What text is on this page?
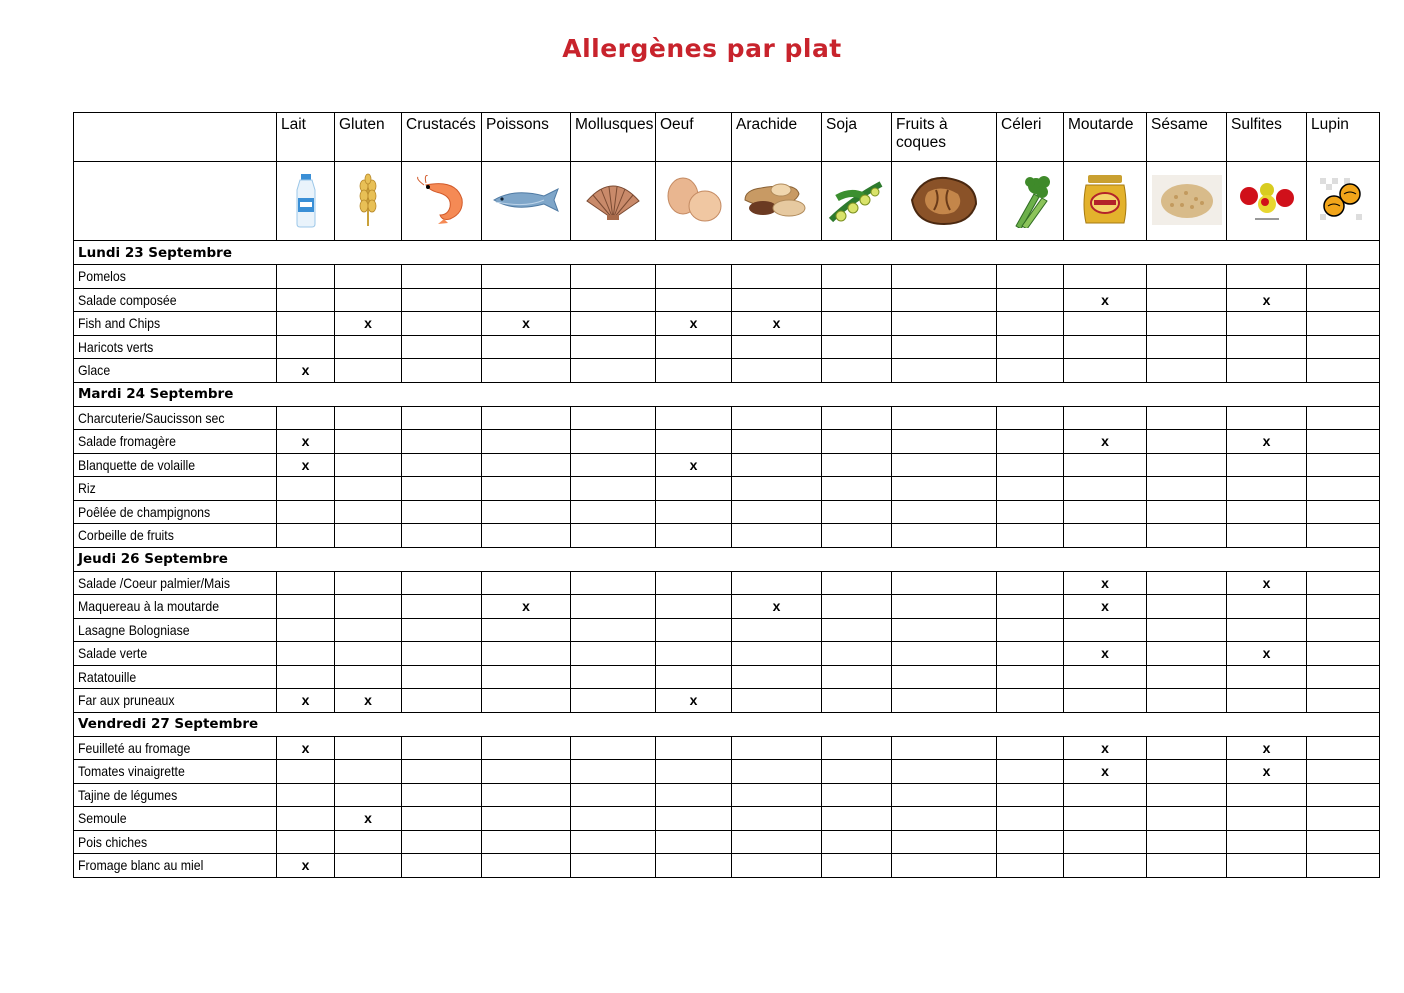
Allergènes par plat
	Lait	Gluten	Crustacés	Poissons	Mollusques	Oeuf	Arachide	Soja	Fruits à coques	Céleri	Moutarde	Sésame	Sulfites	Lupin

Lundi 23 Septembre														
Pomelos														
Salade composée											x		x	
Fish and Chips		x		x		x	x							
Haricots verts														
Glace	x													
Mardi 24 Septembre														
Charcuterie/Saucisson sec														
Salade fromagère	x										x		x	
Blanquette de volaille	x					x								
Riz														
Poêlée de champignons														
Corbeille de fruits														
Jeudi 26 Septembre														
Salade /Coeur palmier/Mais											x		x	
Maquereau à la moutarde				x			x				x			
Lasagne Bologniase														
Salade verte											x		x	
Ratatouille														
Far aux pruneaux	x	x				x								
Vendredi 27 Septembre														
Feuilleté au fromage	x										x		x	
Tomates vinaigrette											x		x	
Tajine de légumes														
Semoule		x												
Pois chiches														
Fromage blanc au miel	x													
